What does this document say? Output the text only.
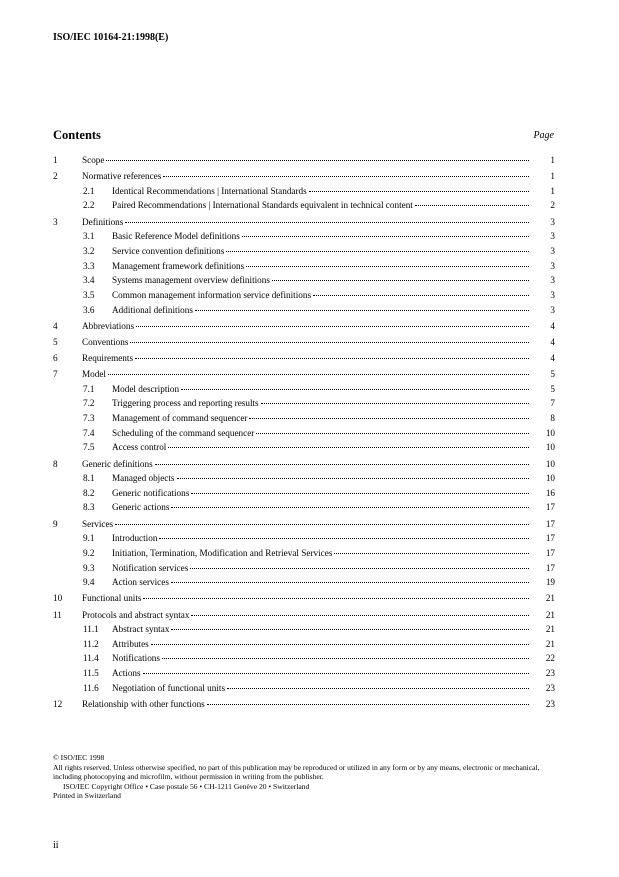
ISO/IEC 10164-21:1998(E)
Contents	Page
1	Scope	1
2	Normative references	1
2.1 Identical Recommendations | International Standards	1
2.2 Paired Recommendations | International Standards equivalent in technical content	2
3	Definitions	3
3.1 Basic Reference Model definitions	3
3.2 Service convention definitions	3
3.3 Management framework definitions	3
3.4 Systems management overview definitions	3
3.5 Common management information service definitions	3
3.6 Additional definitions	3
4	Abbreviations	4
5	Conventions	4
6	Requirements	4
7	Model	5
7.1 Model description	5
7.2 Triggering process and reporting results	7
7.3 Management of command sequencer	8
7.4 Scheduling of the command sequencer	10
7.5 Access control	10
8	Generic definitions	10
8.1 Managed objects	10
8.2 Generic notifications	16
8.3 Generic actions	17
9	Services	17
9.1 Introduction	17
9.2 Initiation, Termination, Modification and Retrieval Services	17
9.3 Notification services	17
9.4 Action services	19
10 Functional units	21
11 Protocols and abstract syntax	21
11.1 Abstract syntax	21
11.2 Attributes	21
11.4 Notifications	22
11.5 Actions	23
11.6 Negotiation of functional units	23
12 Relationship with other functions	23
© ISO/IEC 1998
All rights reserved. Unless otherwise specified, no part of this publication may be reproduced or utilized in any form or by any means, electronic or mechanical, including photocopying and microfilm, without permission in writing from the publisher.
ISO/IEC Copyright Office • Case postale 56 • CH-1211 Genève 20 • Switzerland
Printed in Switzerland
ii
